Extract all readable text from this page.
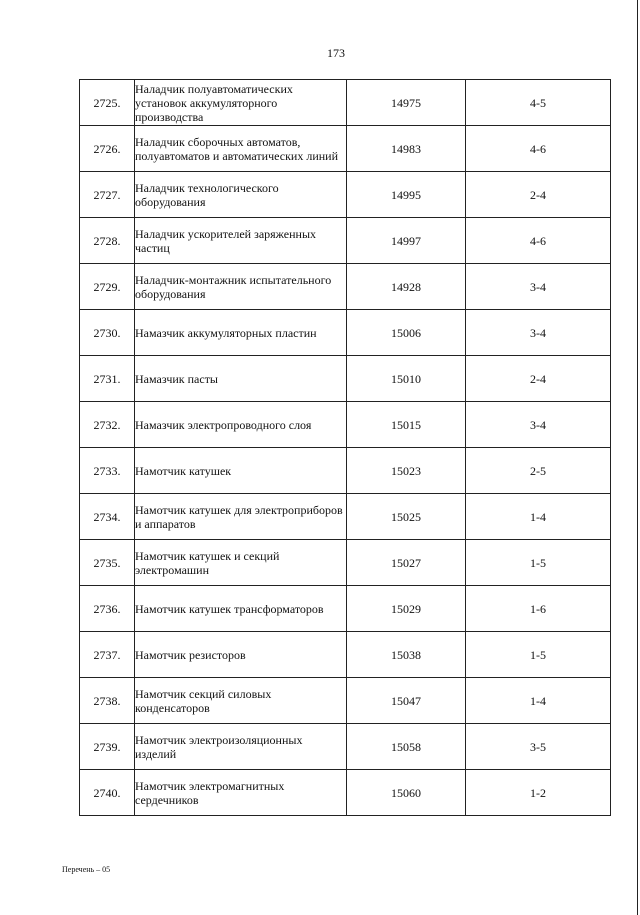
173
2725.	Наладчик полуавтоматических установок аккумуляторного производства	14975	4-5
2726.	Наладчик сборочных автоматов, полуавтоматов и автоматических линий	14983	4-6
2727.	Наладчик технологического оборудования	14995	2-4
2728.	Наладчик ускорителей заряженных частиц	14997	4-6
2729.	Наладчик-монтажник испытательного оборудования	14928	3-4
2730.	Намазчик аккумуляторных пластин	15006	3-4
2731.	Намазчик пасты	15010	2-4
2732.	Намазчик электропроводного слоя	15015	3-4
2733.	Намотчик катушек	15023	2-5
2734.	Намотчик катушек для электроприборов и аппаратов	15025	1-4
2735.	Намотчик катушек и секций электромашин	15027	1-5
2736.	Намотчик катушек трансформаторов	15029	1-6
2737.	Намотчик резисторов	15038	1-5
2738.	Намотчик секций силовых конденсаторов	15047	1-4
2739.	Намотчик электроизоляционных изделий	15058	3-5
2740.	Намотчик электромагнитных сердечников	15060	1-2
Перечень – 05
